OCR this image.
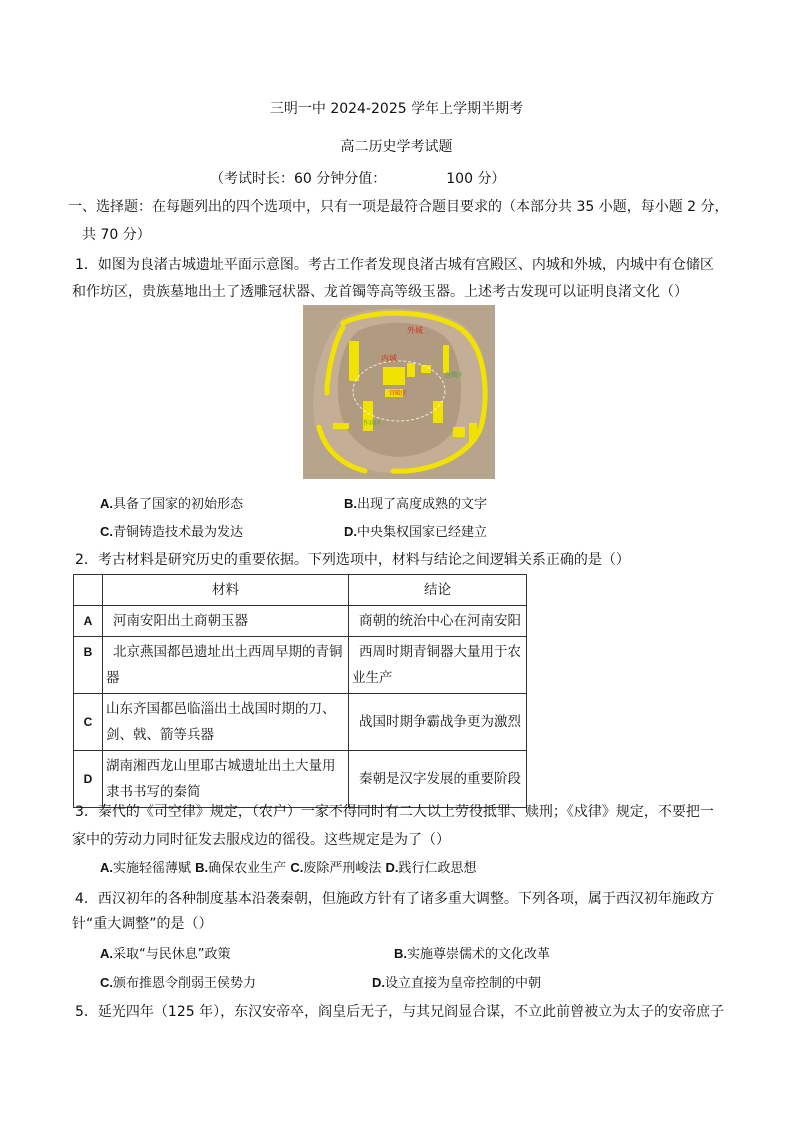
三明一中 2024-2025 学年上学期半期考
高二历史学考试题
（考试时长：60 分钟分值：	100 分）
一、选择题：在每题列出的四个选项中，只有一项是最符合题目要求的（本部分共 35 小题，每小题 2 分，
共 70 分）
1．如图为良渚古城遗址平面示意图。考古工作者发现良渚古城有宫殿区、内城和外城，内城中有仓储区
和作坊区，贵族墓地出土了透雕冠状器、龙首镯等高等级玉器。上述考古发现可以证明良渚文化（）
外城
内城
宫殿区
仓储区
作坊区
A.具备了国家的初始形态	B.出现了高度成熟的文字
C.青铜铸造技术最为发达	D.中央集权国家已经建立
2．考古材料是研究历史的重要依据。下列选项中，材料与结论之间逻辑关系正确的是（）
	材料	结论
A	河南安阳出土商朝玉器	商朝的统治中心在河南安阳
B	北京燕国都邑遗址出土西周早期的青铜器	西周时期青铜器大量用于农业生产
C	山东齐国都邑临淄出土战国时期的刀、剑、戟、箭等兵器	战国时期争霸战争更为激烈
D	湖南湘西龙山里耶古城遗址出土大量用隶书书写的秦简	秦朝是汉字发展的重要阶段
3．秦代的《司空律》规定，（农户）一家不得同时有二人以上劳役抵罪、赎刑；《戍律》规定，不要把一
家中的劳动力同时征发去服戍边的徭役。这些规定是为了（）
A.实施轻徭薄赋 B.确保农业生产 C.废除严刑峻法 D.践行仁政思想
4．西汉初年的各种制度基本沿袭秦朝，但施政方针有了诸多重大调整。下列各项，属于西汉初年施政方
针“重大调整”的是（）
A.采取“与民休息”政策	B.实施尊崇儒术的文化改革
C.颁布推恩令削弱王侯势力	D.设立直接为皇帝控制的中朝
5．延光四年（125 年），东汉安帝卒，阎皇后无子，与其兄阎显合谋，不立此前曾被立为太子的安帝庶子
